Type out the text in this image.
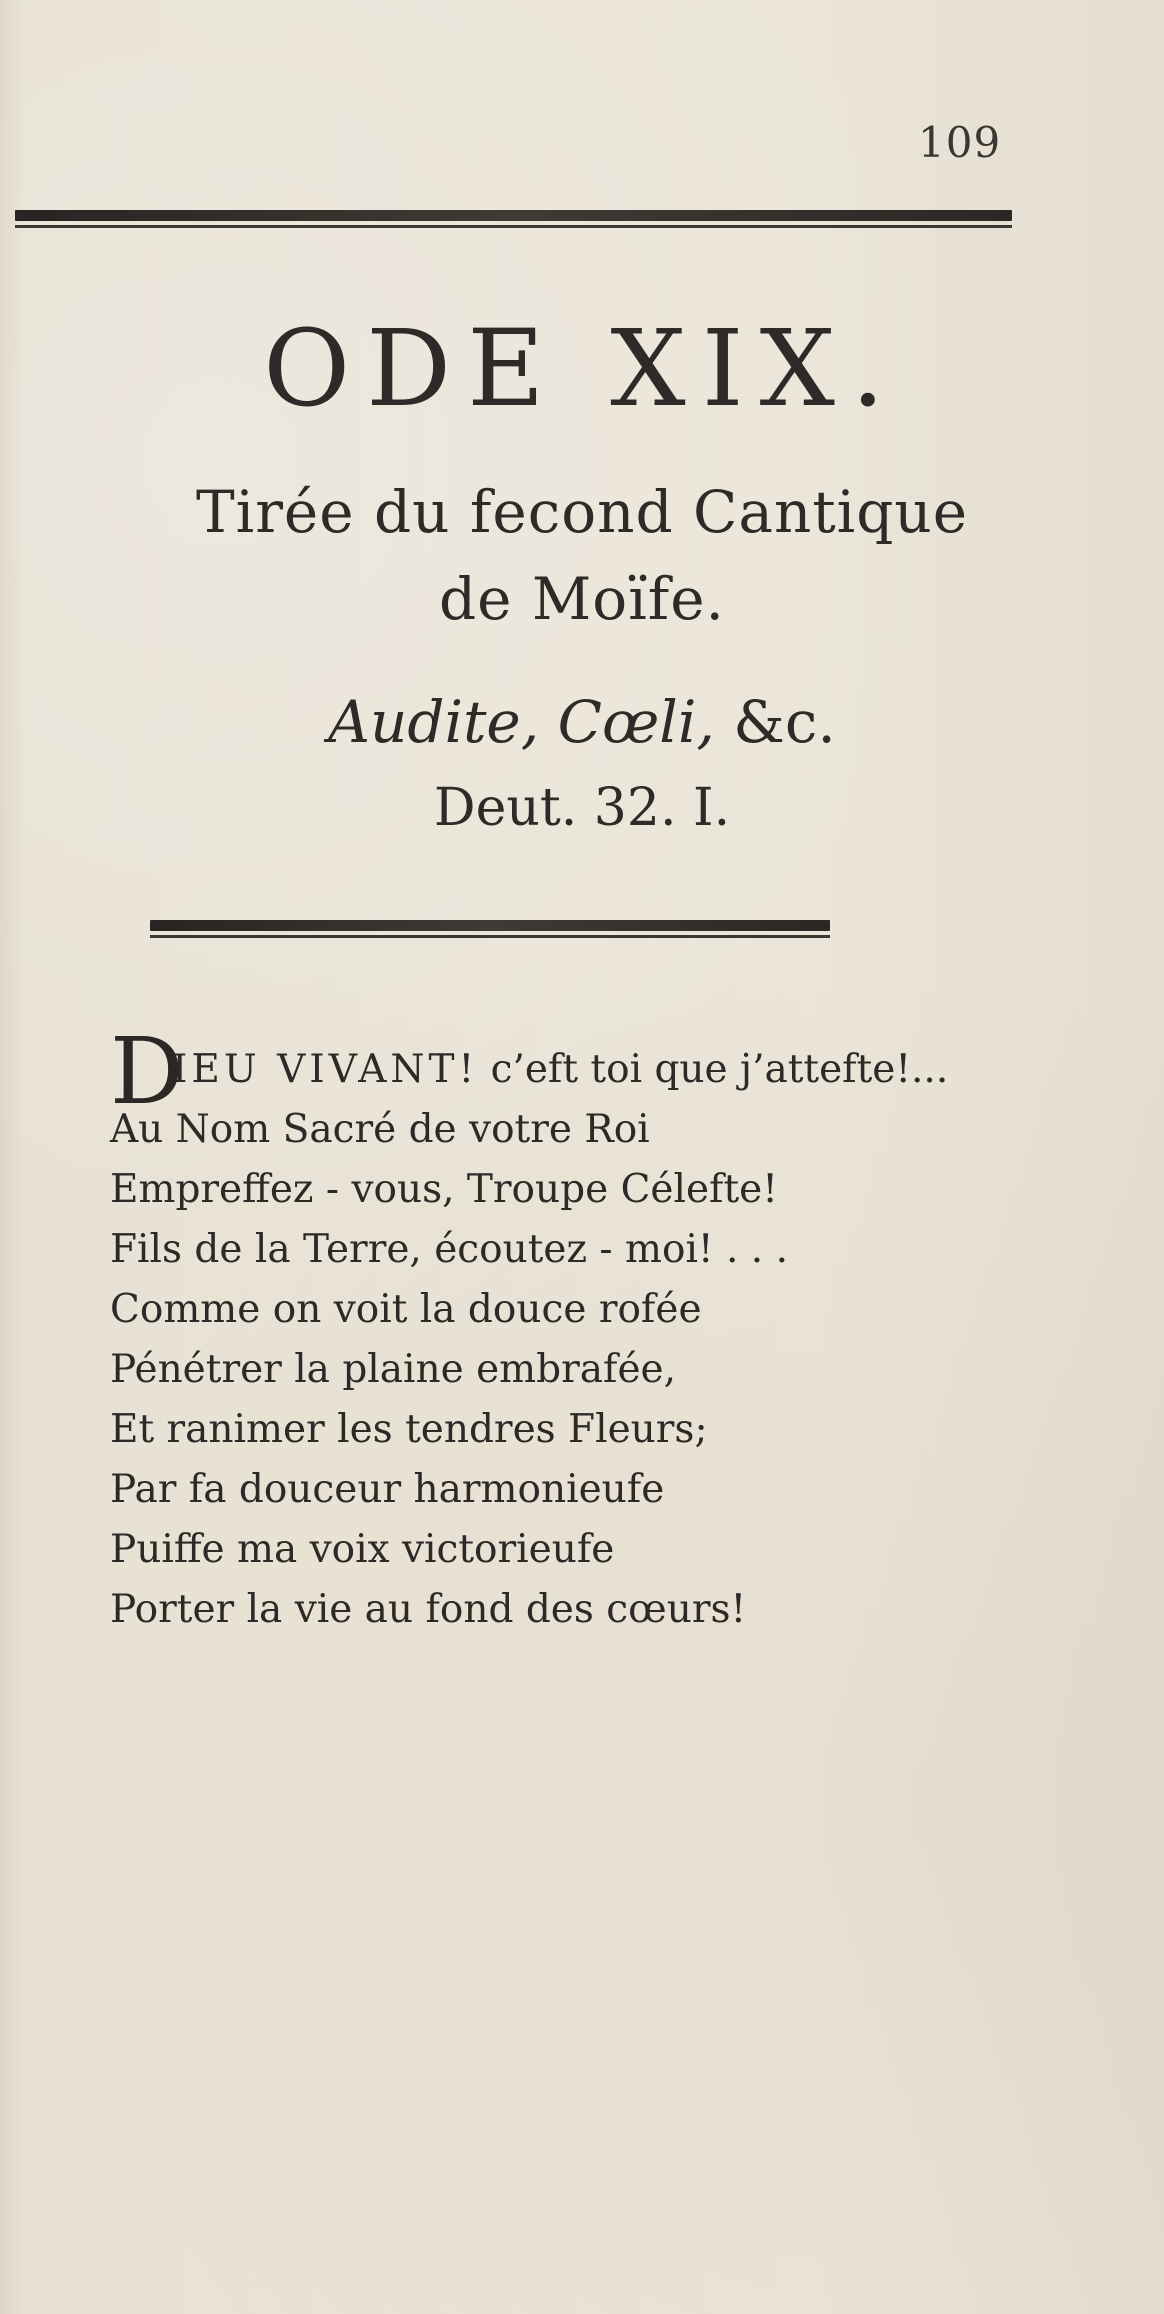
109
ODE XIX.
Tirée du fecond Cantique
de Moïfe.
Audite, Cœli, &c.
Deut. 32. I.
D
IEU VIVANT! c’eft toi que j’attefte!...
Au Nom Sacré de votre Roi
Empreffez - vous, Troupe Célefte!
Fils de la Terre, écoutez - moi! . . .
Comme on voit la douce rofée
Pénétrer la plaine embrafée,
Et ranimer les tendres Fleurs;
Par fa douceur harmonieufe
Puiffe ma voix victorieufe
Porter la vie au fond des cœurs!
